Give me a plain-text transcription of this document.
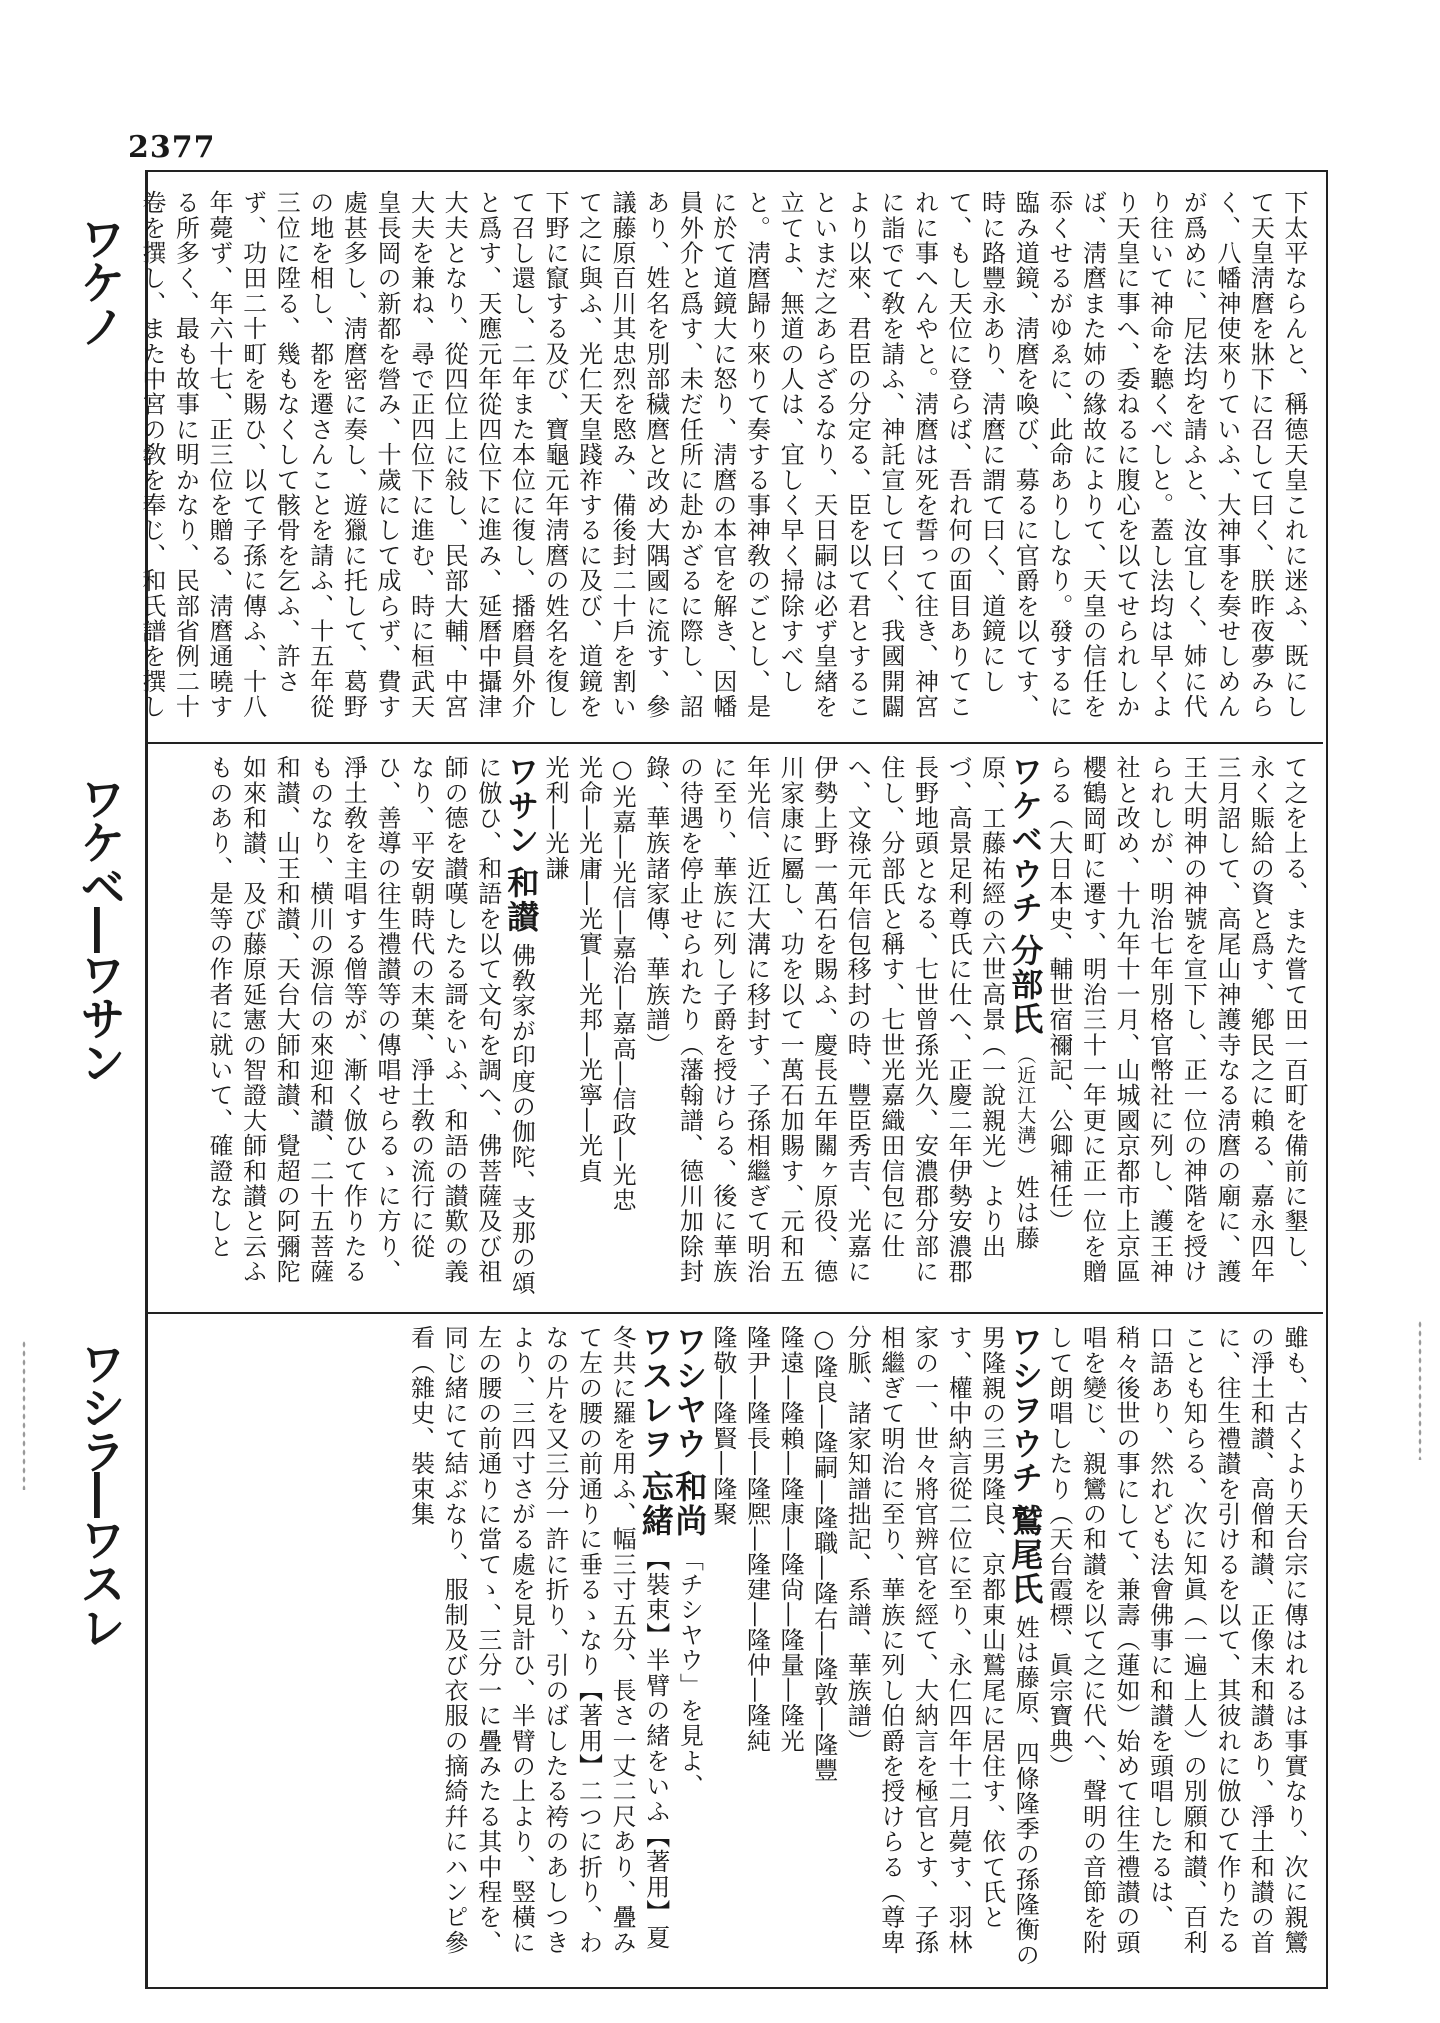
2377
ワケノ
ワケベ―ワサン
ワシラ―ワスレ

下太平ならんと、稱德天皇これに迷ふ、既にして天皇淸麿を牀下に召して曰く、朕昨夜夢みらく、八幡神使來りていふ、大神事を奏せしめんが爲めに、尼法均を請ふと、汝宜しく、姉に代り往いて神命を聽くべしと。蓋し法均は早くより天皇に事へ、委ねるに腹心を以てせられしかば、淸麿また姉の緣故によりて、天皇の信任を忝くせるがゆゑに、此命ありしなり。發するに臨み道鏡、淸麿を喚び、募るに官爵を以てす、時に路豐永あり、淸麿に謂て曰く、道鏡にして、もし天位に登らば、吾れ何の面目ありてこれに事へんやと。淸麿は死を誓って往き、神宮に詣でて敎を請ふ、神託宣して曰く、我國開闢より以來、君臣の分定る、臣を以て君とすることいまだ之あらざるなり、天日嗣は必ず皇緖を立てよ、無道の人は、宜しく早く掃除すべしと。淸麿歸り來りて奏する事神敎のごとし、是に於て道鏡大に怒り、淸麿の本官を解き、因幡員外介と爲す、未だ任所に赴かざるに際し、詔あり、姓名を別部穢麿と改め大隅國に流す、參議藤原百川其忠烈を愍み、備後封二十戶を割いて之に與ふ、光仁天皇踐祚するに及び、道鏡を下野に竄する及び、寶龜元年淸麿の姓名を復して召し還し、二年また本位に復し、播磨員外介と爲す、天應元年從四位下に進み、延曆中攝津大夫となり、從四位上に敍し、民部大輔、中宮大夫を兼ね、尋で正四位下に進む、時に桓武天皇長岡の新都を營み、十歲にして成らず、費す處甚多し、淸麿密に奏し、遊獵に托して、葛野の地を相し、都を遷さんことを請ふ、十五年從三位に陞る、幾もなくして骸骨を乞ふ、許さず、功田二十町を賜ひ、以て子孫に傳ふ、十八年薨ず、年六十七、正三位を贈る、淸麿通曉する所多く、最も故事に明かなり、民部省例二十卷を撰し、また中宮の敎を奉じ、和氏譜を撰し

て之を上る、また嘗て田一百町を備前に墾し、永く賑給の資と爲す、鄕民之に賴る、嘉永四年三月詔して、高尾山神護寺なる淸麿の廟に、護王大明神の神號を宣下し、正一位の神階を授けられしが、明治七年別格官幣社に列し、護王神社と改め、十九年十一月、山城國京都市上京區櫻鶴岡町に遷す、明治三十一年更に正一位を贈らる（大日本史、輔世宿禰記、公卿補任）

ワケベウチ 分部氏 （近江大溝） 姓は藤原、工藤祐經の六世高景（一說親光）より出づ、高景足利尊氏に仕へ、正慶二年伊勢安濃郡長野地頭となる、七世曾孫光久、安濃郡分部に住し、分部氏と稱す、七世光嘉織田信包に仕へ、文祿元年信包移封の時、豐臣秀吉、光嘉に伊勢上野一萬石を賜ふ、慶長五年關ヶ原役、德川家康に屬し、功を以て一萬石加賜す、元和五年光信、近江大溝に移封す、子孫相繼ぎて明治に至り、華族に列し子爵を授けらる、後に華族の待遇を停止せられたり（藩翰譜、德川加除封錄、華族諸家傳、華族譜）

○光嘉―光信―嘉治―嘉高―信政―光忠

光命―光庸―光實―光邦―光寧―光貞

光利―光謙

ワサン 和讃 佛敎家が印度の伽陀、支那の頌に倣ひ、和語を以て文句を調へ、佛菩薩及び祖師の德を讃嘆したる謌をいふ、和語の讃歎の義なり、平安朝時代の末葉、淨土敎の流行に從ひ、善導の往生禮讃等の傳唱せらるゝに方り、淨土敎を主唱する僧等が、漸く倣ひて作りたるものなり、横川の源信の來迎和讃、二十五菩薩和讃、山王和讃、天台大師和讃、覺超の阿彌陀如來和讃、及び藤原延憲の智證大師和讃と云ふものあり、是等の作者に就いて、確證なしと

雖も、古くより天台宗に傳はれるは事實なり、次に親鸞の淨土和讃、高僧和讃、正像末和讃あり、淨土和讃の首に、往生禮讃を引けるを以て、其彼れに倣ひて作りたることも知らる、次に知眞（一遍上人）の別願和讃、百利口語あり、然れども法會佛事に和讃を頭唱したるは、稍々後世の事にして、兼壽（蓮如）始めて往生禮讃の頭唱を變じ、親鸞の和讃を以て之に代へ、聲明の音節を附して朗唱したり（天台霞標、眞宗寶典）

ワシヲウチ 鷲尾氏 姓は藤原、四條隆季の孫隆衡の男隆親の三男隆良、京都東山鷲尾に居住す、依て氏とす、權中納言從二位に至り、永仁四年十二月薨す、羽林家の一、世々將官辨官を經て、大納言を極官とす、子孫相繼ぎて明治に至り、華族に列し伯爵を授けらる（尊卑分脈、諸家知譜拙記、系譜、華族譜）

○隆良―隆嗣―隆職―隆右―隆敦―隆豐

隆遠―隆賴―隆康―隆尙―隆量―隆光

隆尹―隆長―隆熈―隆建―隆仲―隆純

隆敬―隆賢―隆聚

ワシヤウ 和尚 「チシヤウ」を見よ、

ワスレヲ 忘緒 【裝束】半臂の緒をいふ【著用】夏冬共に羅を用ふ、幅三寸五分、長さ一丈二尺あり、疊みて左の腰の前通りに垂るゝなり【著用】二つに折り、わなの片を又三分一許に折り、引のばしたる袴のあしつきより、三四寸さがる處を見計ひ、半臂の上より、竪橫に左の腰の前通りに當てゝ、三分一に疊みたる其中程を、同じ緒にて結ぶなり、服制及び衣服の摘綺幷にハンピ參看（雜史、裝束集
